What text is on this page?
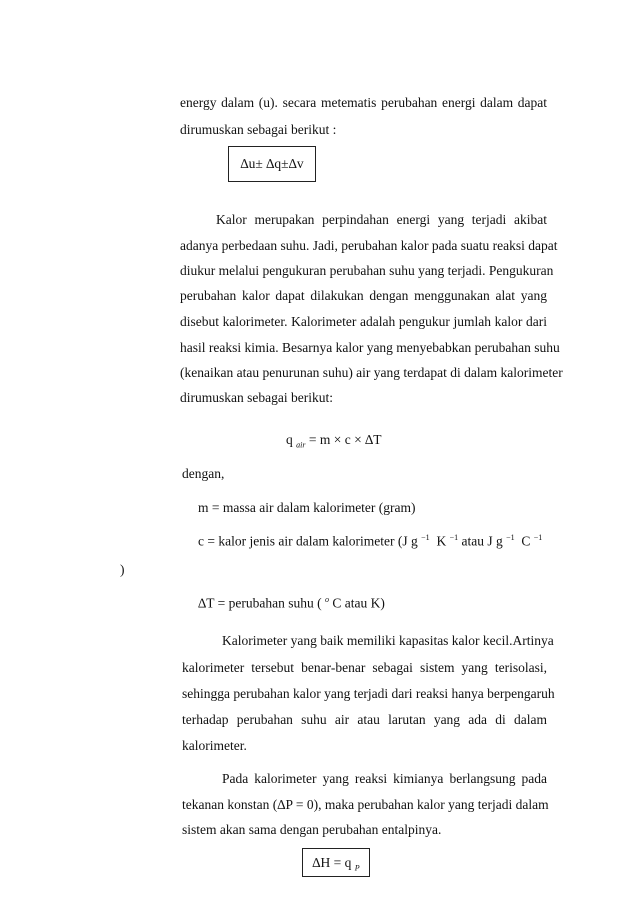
energy dalam (u). secara metematis perubahan energi dalam dapat
dirumuskan sebagai berikut :
∆u± ∆q±∆v
Kalor merupakan perpindahan energi yang terjadi akibat
adanya perbedaan suhu. Jadi, perubahan kalor pada suatu reaksi dapat
diukur melalui pengukuran perubahan suhu yang terjadi. Pengukuran
perubahan kalor dapat dilakukan dengan menggunakan alat yang
disebut kalorimeter. Kalorimeter adalah pengukur jumlah kalor dari
hasil reaksi kimia. Besarnya kalor yang menyebabkan perubahan suhu
(kenaikan atau penurunan suhu) air yang terdapat di dalam kalorimeter
dirumuskan sebagai berikut:
q $_{air}$ = m × c × ∆T
dengan,
m = massa air dalam kalorimeter (gram)
c = kalor jenis air dalam kalorimeter (J g $^{-1}$ K $^{-1}$ atau J g $^{-1}$ C $^{-1}$
)
∆T = perubahan suhu ( $^o$ C atau K)
Kalorimeter yang baik memiliki kapasitas kalor kecil.Artinya
kalorimeter tersebut benar-benar sebagai sistem yang terisolasi,
sehingga perubahan kalor yang terjadi dari reaksi hanya berpengaruh
terhadap perubahan suhu air atau larutan yang ada di dalam
kalorimeter.
Pada kalorimeter yang reaksi kimianya berlangsung pada
tekanan konstan (∆P = 0), maka perubahan kalor yang terjadi dalam
sistem akan sama dengan perubahan entalpinya.
∆H = q $_P$
